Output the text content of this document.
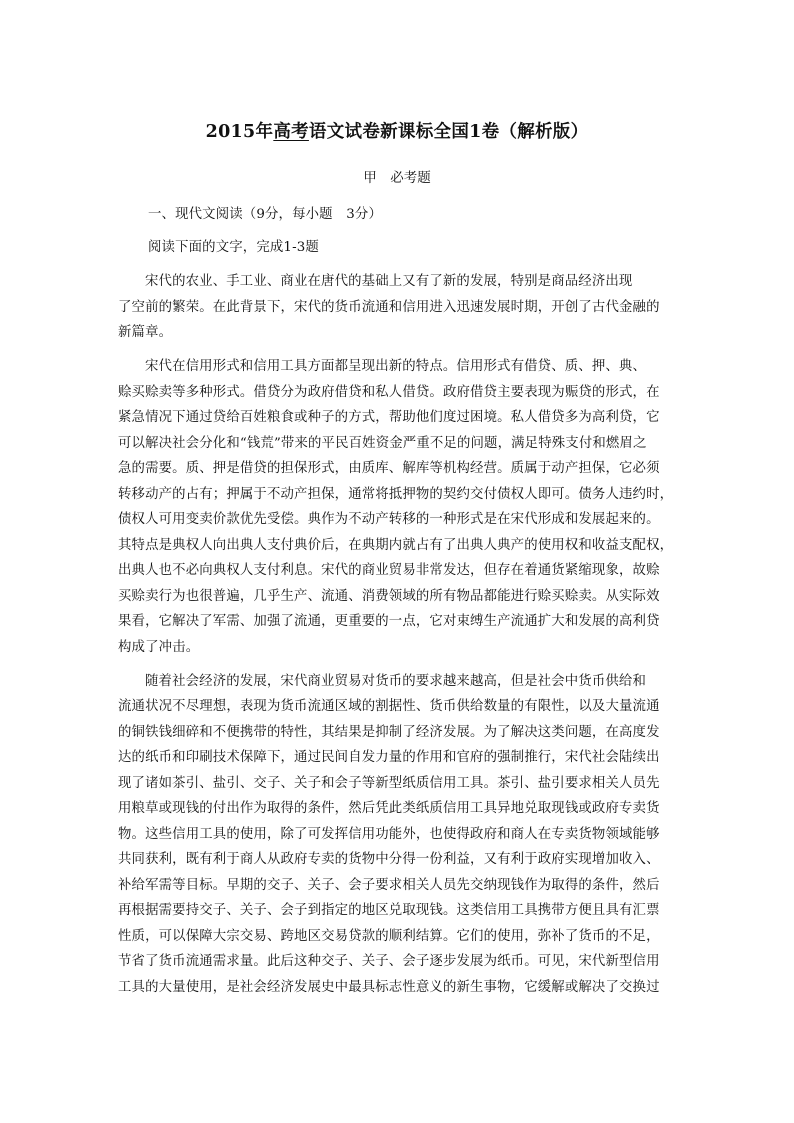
2015年高考语文试卷新课标全国1卷（解析版）
甲　必考题
一、现代文阅读（9分，每小题　3分）
阅读下面的文字，完成1-3题
宋代的农业、手工业、商业在唐代的基础上又有了新的发展，特别是商品经济出现
了空前的繁荣。在此背景下，宋代的货币流通和信用进入迅速发展时期，开创了古代金融的
新篇章。
宋代在信用形式和信用工具方面都呈现出新的特点。信用形式有借贷、质、押、典、
赊买赊卖等多种形式。借贷分为政府借贷和私人借贷。政府借贷主要表现为赈贷的形式，在
紧急情况下通过贷给百姓粮食或种子的方式，帮助他们度过困境。私人借贷多为高利贷，它
可以解决社会分化和“钱荒”带来的平民百姓资金严重不足的问题，满足特殊支付和燃眉之
急的需要。质、押是借贷的担保形式，由质库、解库等机构经营。质属于动产担保，它必须
转移动产的占有；押属于不动产担保，通常将抵押物的契约交付债权人即可。债务人违约时，
债权人可用变卖价款优先受偿。典作为不动产转移的一种形式是在宋代形成和发展起来的。
其特点是典权人向出典人支付典价后，在典期内就占有了出典人典产的使用权和收益支配权，
出典人也不必向典权人支付利息。宋代的商业贸易非常发达，但存在着通货紧缩现象，故赊
买赊卖行为也很普遍，几乎生产、流通、消费领域的所有物品都能进行赊买赊卖。从实际效
果看，它解决了军需、加强了流通，更重要的一点，它对束缚生产流通扩大和发展的高利贷
构成了冲击。
随着社会经济的发展，宋代商业贸易对货币的要求越来越高，但是社会中货币供给和
流通状况不尽理想，表现为货币流通区域的割据性、货币供给数量的有限性，以及大量流通
的铜铁钱细碎和不便携带的特性，其结果是抑制了经济发展。为了解决这类问题，在高度发
达的纸币和印刷技术保障下，通过民间自发力量的作用和官府的强制推行，宋代社会陆续出
现了诸如茶引、盐引、交子、关子和会子等新型纸质信用工具。茶引、盐引要求相关人员先
用粮草或现钱的付出作为取得的条件，然后凭此类纸质信用工具异地兑取现钱或政府专卖货
物。这些信用工具的使用，除了可发挥信用功能外，也使得政府和商人在专卖货物领域能够
共同获利，既有利于商人从政府专卖的货物中分得一份利益，又有利于政府实现增加收入、
补给军需等目标。早期的交子、关子、会子要求相关人员先交纳现钱作为取得的条件，然后
再根据需要持交子、关子、会子到指定的地区兑取现钱。这类信用工具携带方便且具有汇票
性质，可以保障大宗交易、跨地区交易贷款的顺利结算。它们的使用，弥补了货币的不足，
节省了货币流通需求量。此后这种交子、关子、会子逐步发展为纸币。可见，宋代新型信用
工具的大量使用，是社会经济发展史中最具标志性意义的新生事物，它缓解或解决了交换过
